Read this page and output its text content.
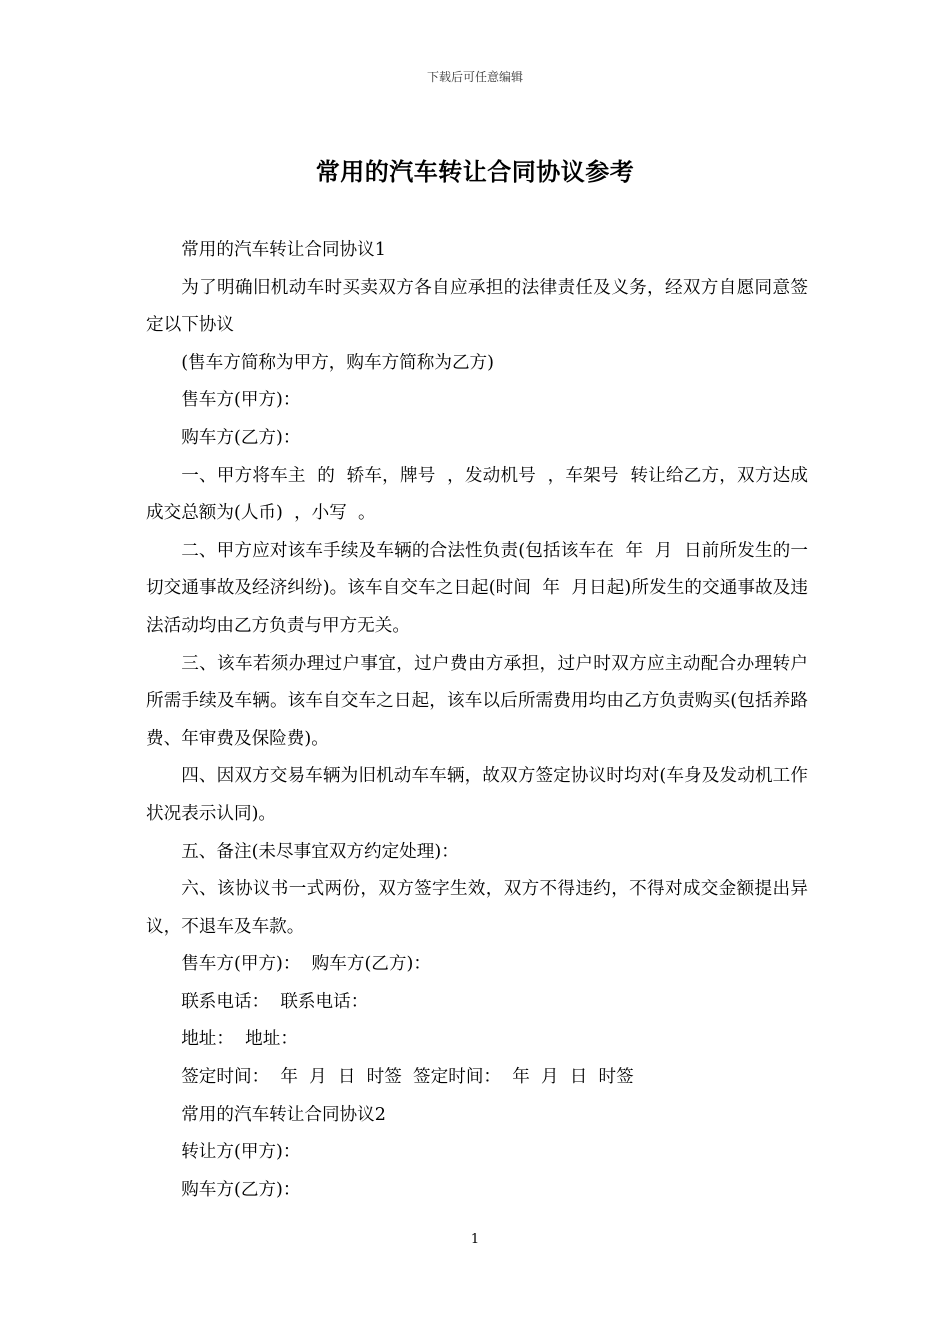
下载后可任意编辑
常用的汽车转让合同协议参考

常用的汽车转让合同协议1

为了明确旧机动车时买卖双方各自应承担的法律责任及义务，经双方自愿同意签定以下协议

(售车方简称为甲方，购车方简称为乙方)

售车方(甲方)：

购车方(乙方)：

一、甲方将车主  的  轿车，牌号  ，发动机号  ，车架号  转让给乙方，双方达成成交总额为(人币)  ，小写  。

二、甲方应对该车手续及车辆的合法性负责(包括该车在  年  月  日前所发生的一切交通事故及经济纠纷)。该车自交车之日起(时间  年  月日起)所发生的交通事故及违法活动均由乙方负责与甲方无关。

三、该车若须办理过户事宜，过户费由方承担，过户时双方应主动配合办理转户所需手续及车辆。该车自交车之日起，该车以后所需费用均由乙方负责购买(包括养路费、年审费及保险费)。

四、因双方交易车辆为旧机动车车辆，故双方签定协议时均对(车身及发动机工作状况表示认同)。

五、备注(未尽事宜双方约定处理)：

六、该协议书一式两份，双方签字生效，双方不得违约，不得对成交金额提出异议，不退车及车款。

售车方(甲方)：  购车方(乙方)：

联系电话：  联系电话：

地址：  地址：

签定时间：  年  月  日  时签  签定时间：  年  月  日  时签

常用的汽车转让合同协议2

转让方(甲方)：

购车方(乙方)：

1
